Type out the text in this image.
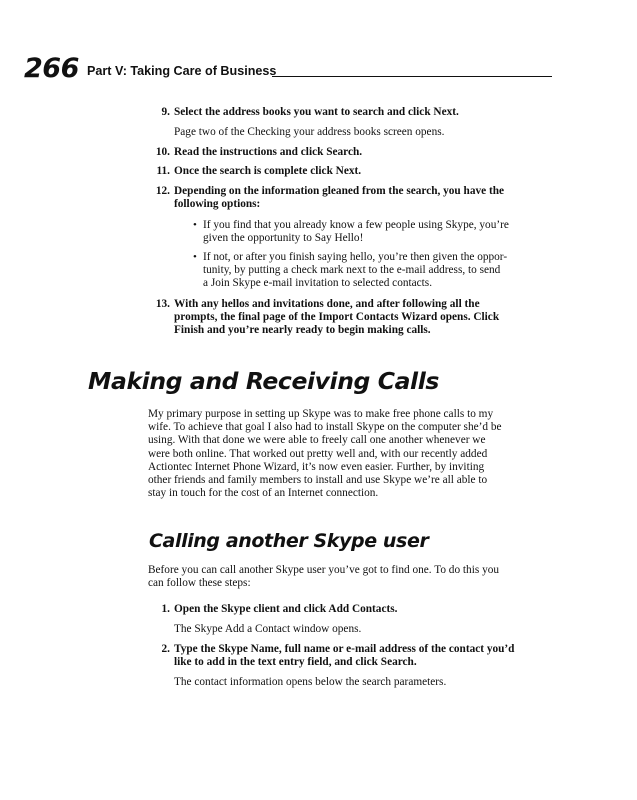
266 Part V: Taking Care of Business
9. Select the address books you want to search and click Next.
Page two of the Checking your address books screen opens.
10. Read the instructions and click Search.
11. Once the search is complete click Next.
12. Depending on the information gleaned from the search, you have the
following options:
• If you find that you already know a few people using Skype, you’re
given the opportunity to Say Hello!
• If not, or after you finish saying hello, you’re then given the oppor-
tunity, by putting a check mark next to the e-mail address, to send
a Join Skype e-mail invitation to selected contacts.
13. With any hellos and invitations done, and after following all the
prompts, the final page of the Import Contacts Wizard opens. Click
Finish and you’re nearly ready to begin making calls.
Making and Receiving Calls
My primary purpose in setting up Skype was to make free phone calls to my
wife. To achieve that goal I also had to install Skype on the computer she’d be
using. With that done we were able to freely call one another whenever we
were both online. That worked out pretty well and, with our recently added
Actiontec Internet Phone Wizard, it’s now even easier. Further, by inviting
other friends and family members to install and use Skype we’re all able to
stay in touch for the cost of an Internet connection.
Calling another Skype user
Before you can call another Skype user you’ve got to find one. To do this you
can follow these steps:
1. Open the Skype client and click Add Contacts.
The Skype Add a Contact window opens.
2. Type the Skype Name, full name or e-mail address of the contact you’d
like to add in the text entry field, and click Search.
The contact information opens below the search parameters.
